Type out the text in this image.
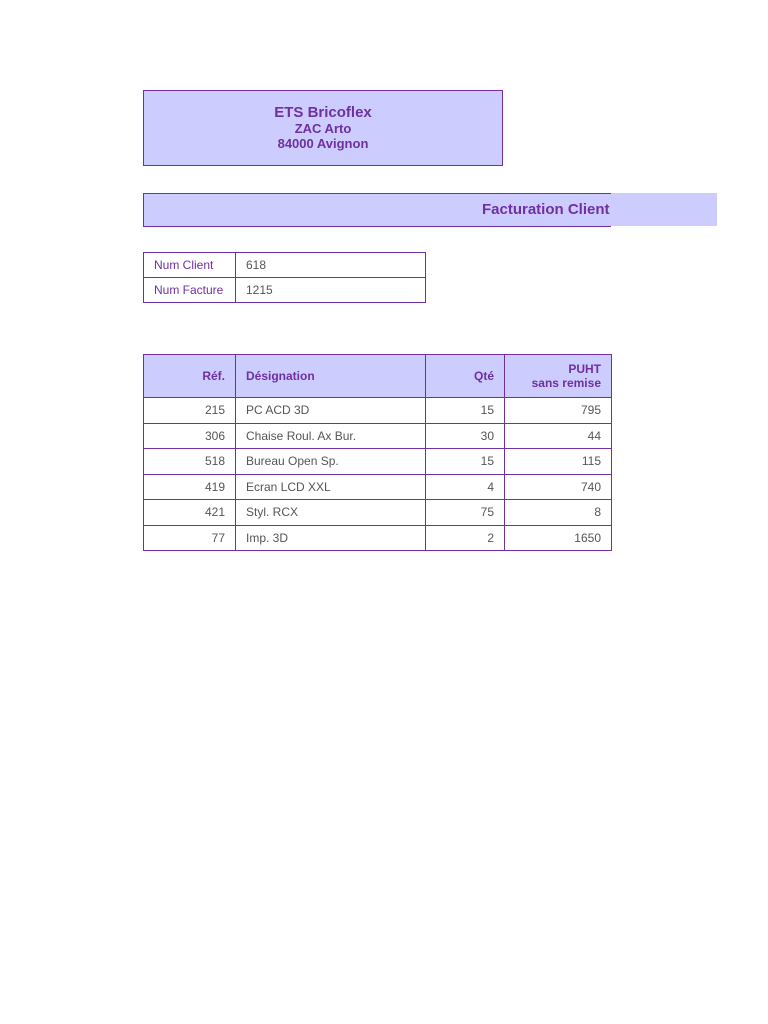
ETS Bricoflex
ZAC Arto
84000 Avignon
Facturation Client
Num Client	618
Num Facture	1215
Réf.	Désignation	Qté	PUHT
sans remise

215	PC ACD 3D	15	795
306	Chaise Roul. Ax Bur.	30	44
518	Bureau Open Sp.	15	115
419	Ecran LCD XXL	4	740
421	Styl. RCX	75	8
77	Imp. 3D	2	1650
